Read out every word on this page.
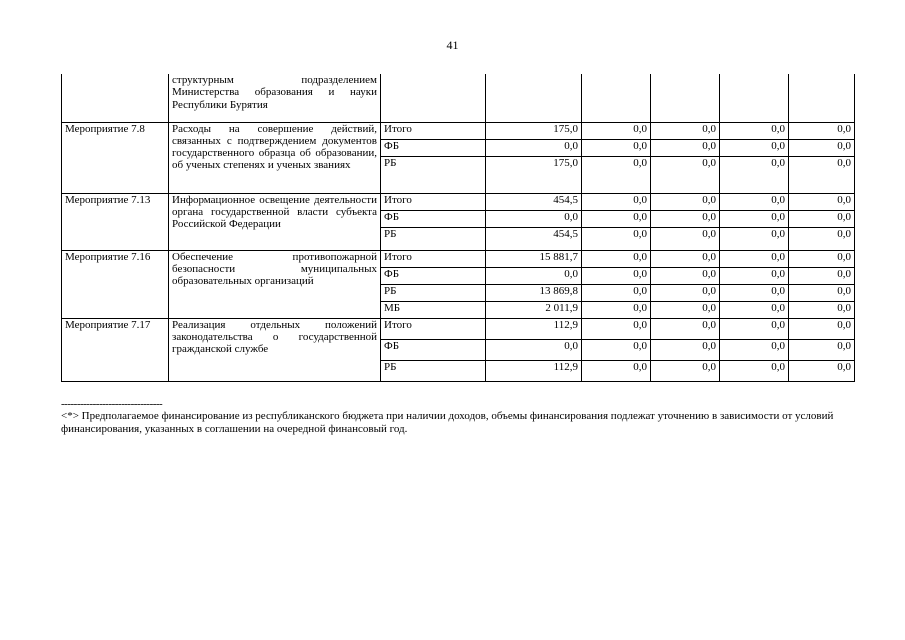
41
	структурным подразделением Министерства образования и науки Республики Бурятия						
Мероприятие 7.8	Расходы на совершение действий, связанных с подтверждением документов государственного образца об образовании, об ученых степенях и ученых званиях	Итого	175,0	0,0	0,0	0,0	0,0
		ФБ	0,0	0,0	0,0	0,0	0,0
		РБ	175,0	0,0	0,0	0,0	0,0
Мероприятие 7.13	Информационное освещение деятельности органа государственной власти субъекта Российской Федерации	Итого	454,5	0,0	0,0	0,0	0,0
		ФБ	0,0	0,0	0,0	0,0	0,0
		РБ	454,5	0,0	0,0	0,0	0,0
Мероприятие 7.16	Обеспечение противопожарной безопасности муниципальных образовательных организаций	Итого	15 881,7	0,0	0,0	0,0	0,0
		ФБ	0,0	0,0	0,0	0,0	0,0
		РБ	13 869,8	0,0	0,0	0,0	0,0
		МБ	2 011,9	0,0	0,0	0,0	0,0
Мероприятие 7.17	Реализация отдельных положений законодательства о государственной гражданской службе	Итого	112,9	0,0	0,0	0,0	0,0
		ФБ	0,0	0,0	0,0	0,0	0,0
		РБ	112,9	0,0	0,0	0,0	0,0
--------------------------------
<*> Предполагаемое финансирование из республиканского бюджета при наличии доходов, объемы финансирования подлежат уточнению в зависимости от условий финансирования, указанных в соглашении на очередной финансовый год.
